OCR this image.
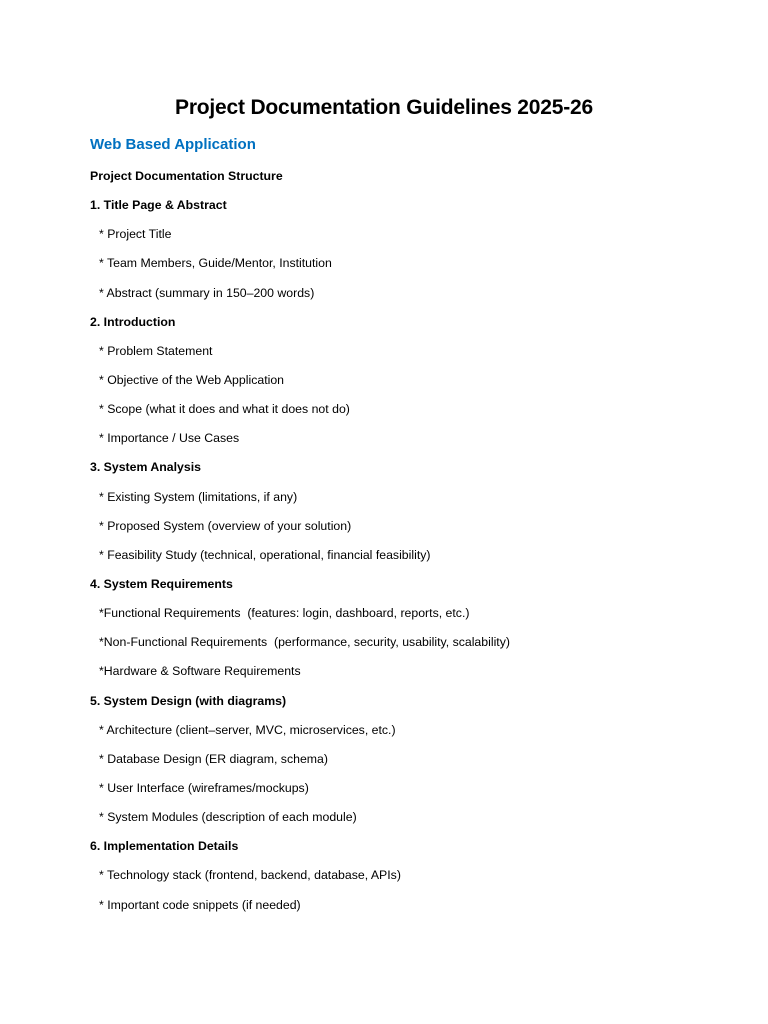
Project Documentation Guidelines 2025-26
Web Based Application
Project Documentation Structure
1. Title Page & Abstract
* Project Title
* Team Members, Guide/Mentor, Institution
* Abstract (summary in 150–200 words)
2. Introduction
* Problem Statement
* Objective of the Web Application
* Scope (what it does and what it does not do)
* Importance / Use Cases
3. System Analysis
* Existing System (limitations, if any)
* Proposed System (overview of your solution)
* Feasibility Study (technical, operational, financial feasibility)
4. System Requirements
*Functional Requirements  (features: login, dashboard, reports, etc.)
*Non-Functional Requirements  (performance, security, usability, scalability)
*Hardware & Software Requirements
5. System Design (with diagrams)
* Architecture (client–server, MVC, microservices, etc.)
* Database Design (ER diagram, schema)
* User Interface (wireframes/mockups)
* System Modules (description of each module)
6. Implementation Details
* Technology stack (frontend, backend, database, APIs)
* Important code snippets (if needed)
